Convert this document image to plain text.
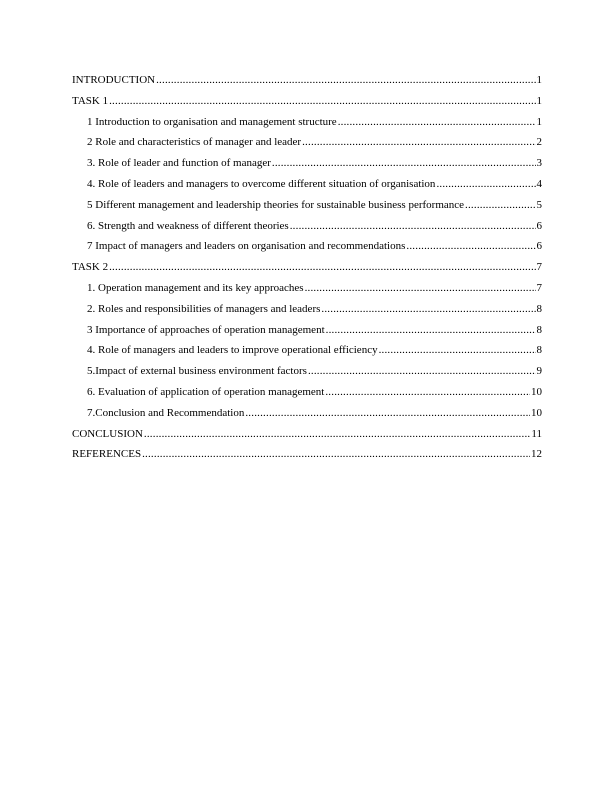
INTRODUCTION .....	1
TASK 1 .....	1
1 Introduction to organisation and management structure .....	1
2 Role and characteristics of manager and leader .....	2
3. Role of leader and function of manager .....	3
4. Role of leaders and managers to overcome different situation of organisation .....	4
5 Different management and leadership theories for sustainable business performance .....	5
6. Strength and weakness of different theories .....	6
7 Impact of managers and leaders on organisation and recommendations .....	6
TASK 2 .....	7
1. Operation management and its key approaches .....	7
2. Roles and responsibilities of managers and leaders .....	8
3 Importance of approaches of operation management .....	8
4. Role of managers and leaders to improve operational efficiency .....	8
5.Impact of external business environment factors .....	9
6. Evaluation of application of operation management .....	10
7.Conclusion and Recommendation .....	10
CONCLUSION .....	11
REFERENCES .....	12
